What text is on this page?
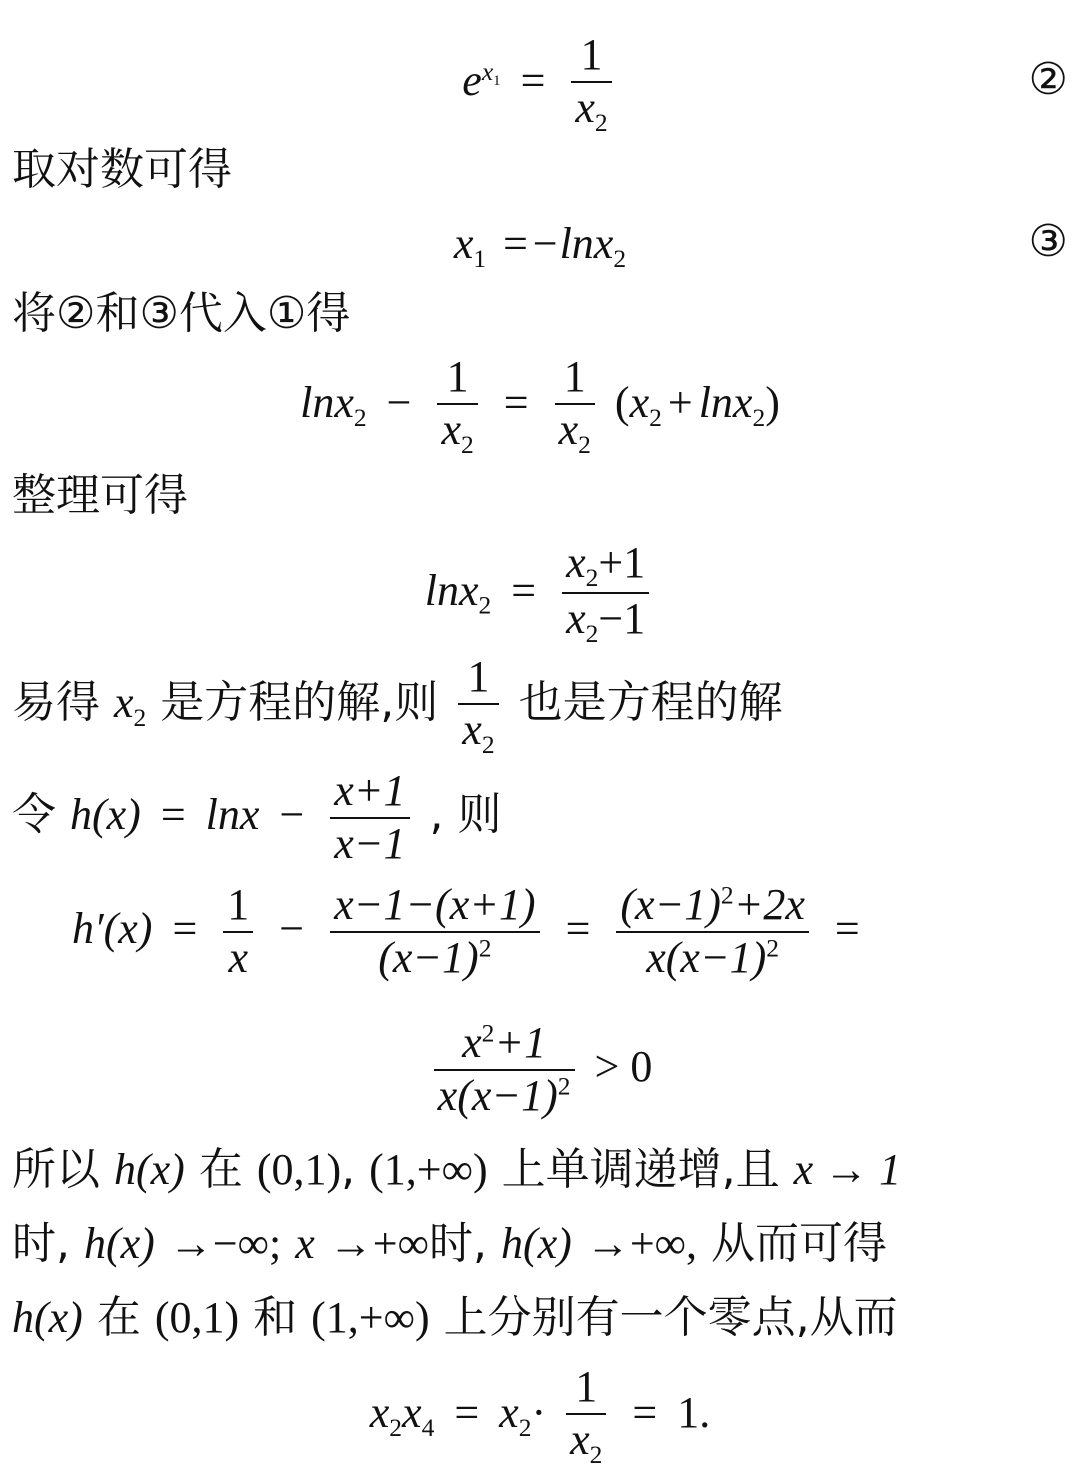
$e^{x_1} = \frac{1}{x_2}$	②
取对数可得
$x_1 =-\ln x_2$	③
将②和③代入①得
$\ln x_2 - \frac{1}{x_2} = \frac{1}{x_2} (x_2 + \ln x_2)$
整理可得
$\ln x_2 = \frac{x_2+1}{x_2-1}$
易得 $x_2$ 是方程的解,则 $\frac{1}{x_2}$ 也是方程的解
令 $h(x) = \ln x - \frac{x+1}{x-1}$ , 则
$h'(x) = \frac{1}{x} - \frac{x-1-(x+1)}{(x-1)^2} = \frac{(x-1)^2+2x}{x(x-1)^2}$ =
$\frac{x^2+1}{x(x-1)^2} > 0$
所以 h(x) 在 (0,1), (1,+∞) 上单调递增,且 x → 1
时, h(x) →−∞; x →+∞时, h(x) →+∞, 从而可得
h(x) 在 (0,1) 和 (1,+∞) 上分别有一个零点,从而
$x_2x_4 = x_2\cdot \frac{1}{x_2} = 1$.
